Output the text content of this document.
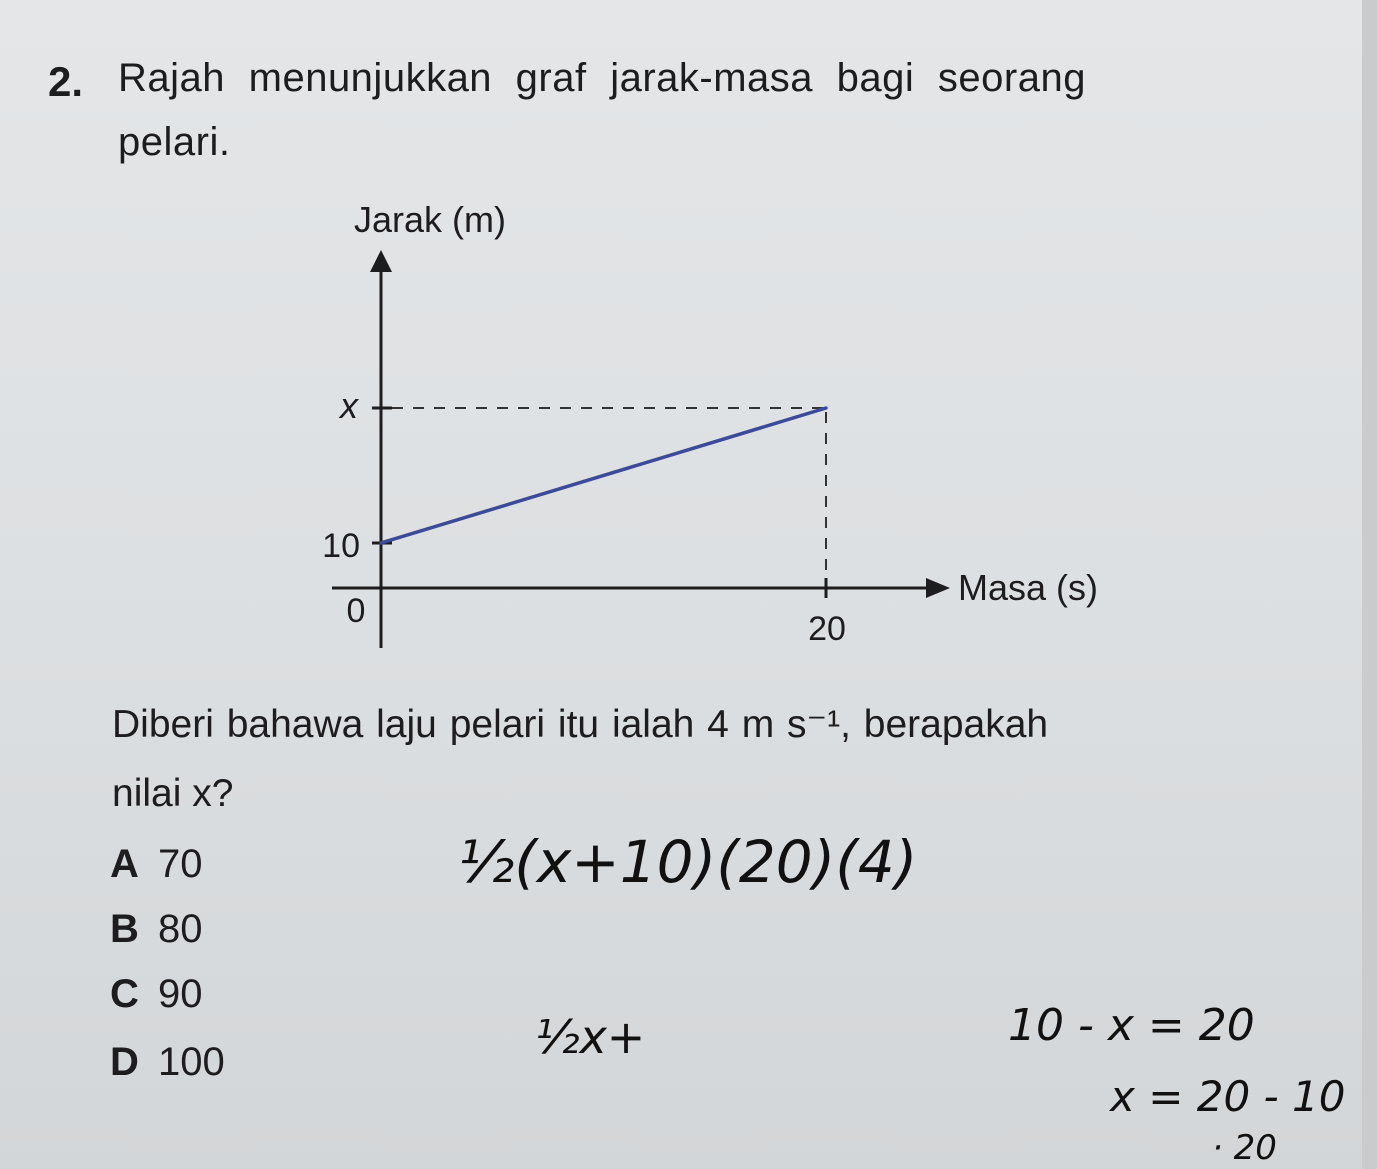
2. Rajah menunjukkan graf jarak-masa bagi seorang
pelari.
Jarak (m)
Masa (s)
10
x
0	20
Diberi bahawa laju pelari itu ialah 4 m s⁻¹, berapakah
nilai x?
A 70
B 80
C 90
D 100
½(x+10)(20)(4)
½x+	10 - x = 20
x = 20 - 10
· 20
